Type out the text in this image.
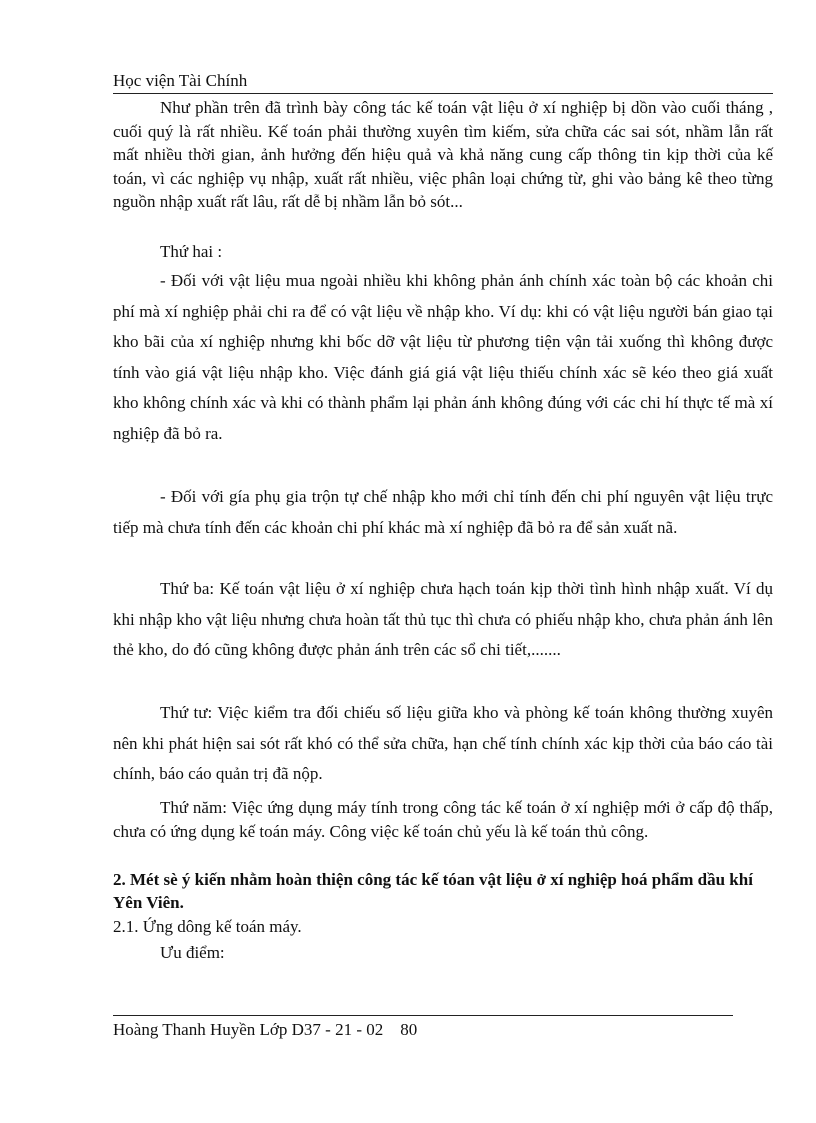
Học viện Tài Chính

Như phần trên đã trình bày công tác kế toán vật liệu ở xí nghiệp bị dồn vào cuối tháng , cuối quý là rất nhiều. Kế toán phải thường xuyên tìm kiếm, sửa chữa các sai sót, nhầm lẫn rất mất nhiều thời gian, ảnh hưởng đến hiệu quả và khả năng cung cấp thông tin kịp thời của kế toán, vì các nghiệp vụ nhập, xuất rất nhiều, việc phân loại chứng từ, ghi vào bảng kê theo từng nguồn nhập xuất rất lâu, rất dễ bị nhầm lẫn bỏ sót...

Thứ hai :

- Đối với vật liệu mua ngoài nhiều khi không phản ánh chính xác toàn bộ các khoản chi phí mà xí nghiệp phải chi ra để có vật liệu về nhập kho. Ví dụ: khi có vật liệu người bán giao tại kho bãi của xí nghiệp nhưng khi bốc dỡ vật liệu từ phương tiện vận tải xuống thì không được tính vào giá vật liệu nhập kho. Việc đánh giá giá vật liệu thiếu chính xác sẽ kéo theo giá xuất kho không chính xác và khi có thành phẩm lại phản ánh không đúng với các chi hí thực tế mà xí nghiệp đã bỏ ra.

- Đối với gía phụ gia trộn tự chế nhập kho mới chỉ tính đến chi phí nguyên vật liệu trực tiếp mà chưa tính đến các khoản chi phí khác mà xí nghiệp đã bỏ ra để sản xuất nã.

Thứ ba: Kế toán vật liệu ở xí nghiệp chưa hạch toán kịp thời tình hình nhập xuất. Ví dụ khi nhập kho vật liệu nhưng chưa hoàn tất thủ tục thì chưa có phiếu nhập kho, chưa phản ánh lên thẻ kho, do đó cũng không được phản ánh trên các sổ chi tiết,.......

Thứ tư: Việc kiểm tra đối chiếu số liệu giữa kho và phòng kế toán không thường xuyên nên khi phát hiện sai sót rất khó có thể sửa chữa, hạn chế tính chính xác kịp thời của báo cáo tài chính, báo cáo quản trị đã nộp.

Thứ năm: Việc ứng dụng máy tính trong công tác kế toán ở xí nghiệp mới ở cấp độ thấp, chưa có ứng dụng kế toán máy. Công việc kế toán chủ yếu là kế toán thủ công.

2. Mét sè ý kiến nhằm hoàn thiện công tác kế tóan vật liệu ở xí nghiệp hoá phẩm dầu khí Yên Viên.

2.1. Ứng dông kế toán máy.

Ưu điểm:

Hoàng Thanh Huyền Lớp D37 - 21 - 02 80
